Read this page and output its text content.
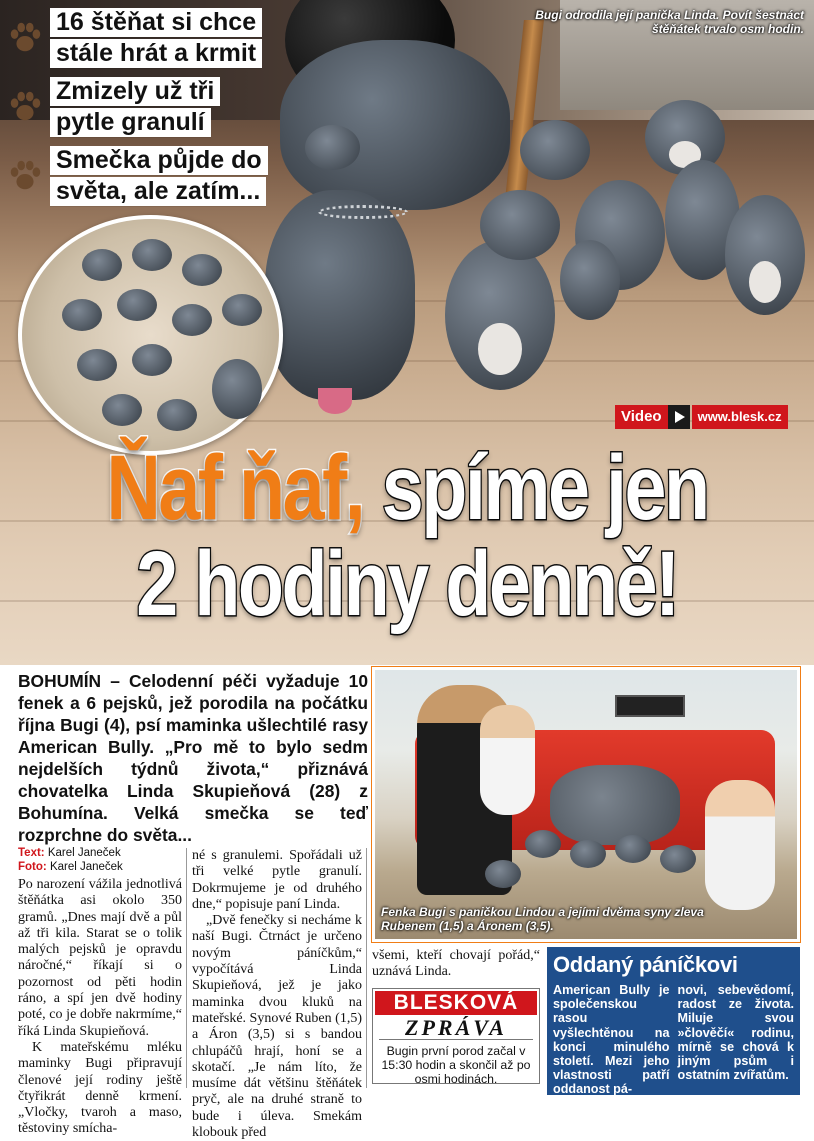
16 štěňat si chce
stále hrát a krmit
Zmizely už tři
pytle granulí
Smečka půjde do
světa, ale zatím...
Bugi odrodila její panička Linda. Povít šestnáct štěňátek trvalo osm hodin.
Video	www.blesk.cz
Ňaf ňaf, spíme jen
2 hodiny denně!
BOHUMÍN – Celodenní péči vyžaduje 10 fenek a 6 pejsků, jež porodila na počátku října Bugi (4), psí maminka ušlechtilé rasy American Bully. „Pro mě to bylo sedm nejdelších týdnů života,“ přiznává chovatelka Linda Skupieňová (28) z Bohumína. Velká smečka se teď rozprchne do světa...
Fenka Bugi s paničkou Lindou a jejími dvěma syny zleva Rubenem (1,5) a Áronem (3,5).
Text: Karel Janeček
Foto: Karel Janeček

Po narození vážila jednotlivá štěňátka asi okolo 350 gramů. „Dnes mají dvě a půl až tři kila. Starat se o tolik malých pejsků je opravdu náročné,“ říkají si o pozornost od pěti hodin ráno, a spí jen dvě hodiny poté, co je dobře nakrmíme,“ říká Linda Skupieňová.

K mateřskému mléku maminky Bugi připravují členové její rodiny ještě čtyřikrát denně krmení. „Vločky, tvaroh a maso, těstoviny smícha-

né s granulemi. Spořádali už tři velké pytle granulí. Dokrmujeme je od druhého dne,“ popisuje paní Linda.

„Dvě fenečky si necháme k naší Bugi. Čtrnáct je určeno novým páníčkům,“ vypočítává Linda Skupieňová, jež je jako maminka dvou kluků na mateřské. Synové Ruben (1,5) a Áron (3,5) si s bandou chlupáčů hrají, honí se a skotačí. „Je nám líto, že musíme dát většinu štěňátek pryč, ale na druhé straně to bude i úleva. Smekám klobouk před

všemi, kteří chovají pořád,“ uznává Linda.

BLESKOVÁ
ZPRÁVA
Bugin první porod začal v 15:30 hodin a skončil až po osmi hodinách.
Oddaný páníčkovi
American Bully je společenskou rasou vyšlechtěnou na konci minulého století. Mezi jeho vlastnosti patří oddanost pá-
novi, sebevědomí, radost ze života. Miluje svou »člověčí« rodinu, mírně se chová k jiným psům i ostatním zvířatům.
